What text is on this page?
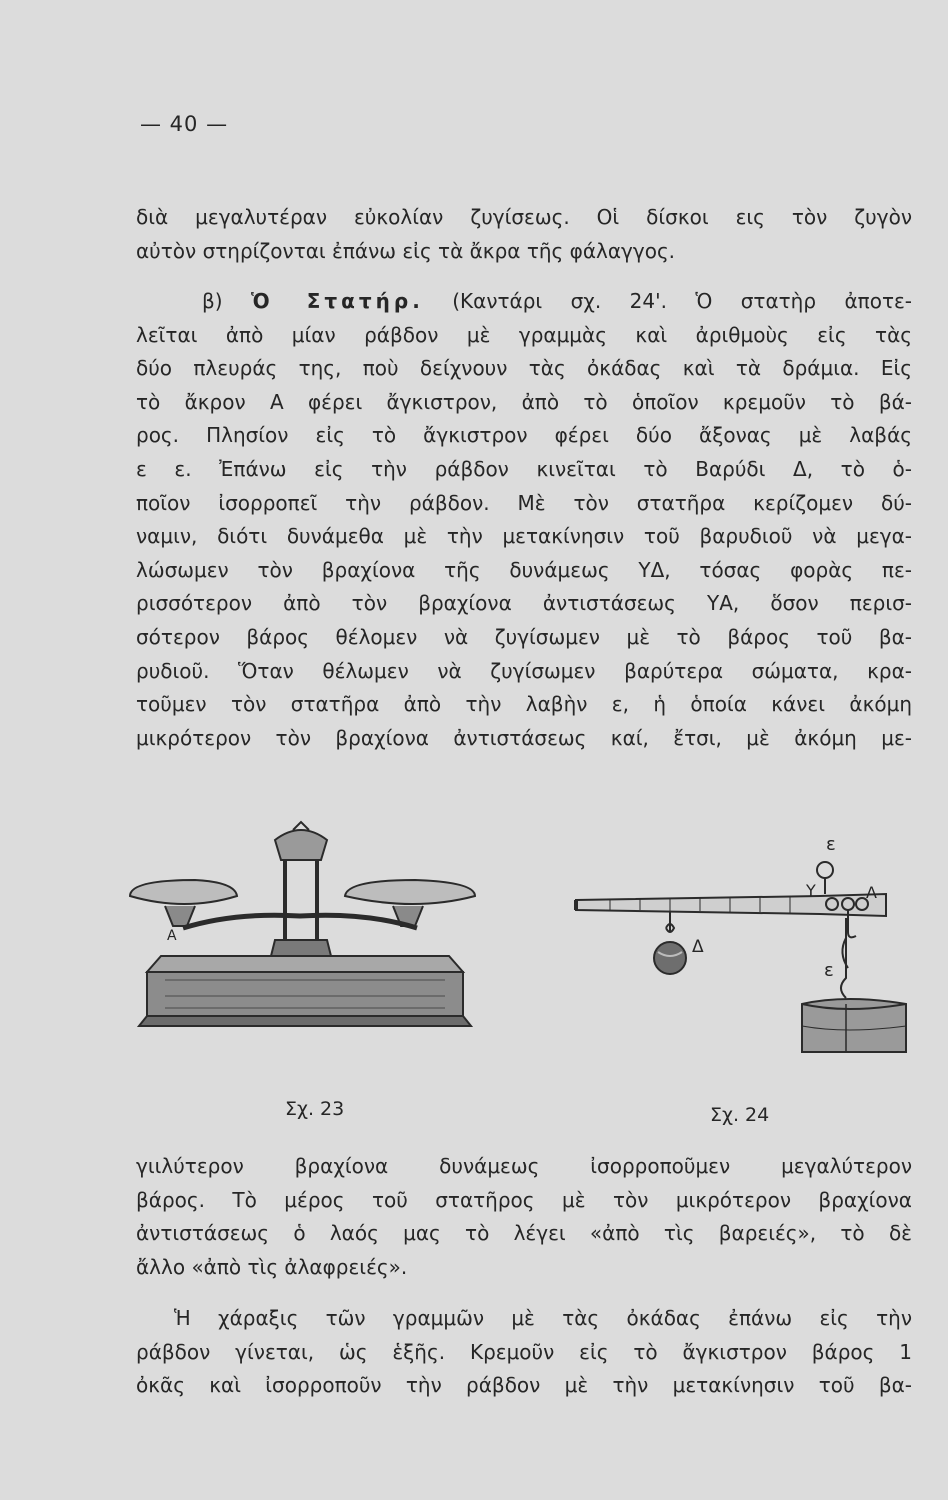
— 40 —
διὰ μεγαλυτέραν εὐκολίαν ζυγίσεως. Οἱ δίσκοι εις τὸν ζυγὸν
αὐτὸν στηρίζονται ἐπάνω εἰς τὰ ἄκρα τῆς φάλαγγος.
β) Ὁ Στατήρ. (Καντάρι σχ. 24'. Ὁ στατὴρ ἀποτε-
λεῖται ἀπὸ μίαν ράβδον μὲ γραμμὰς καὶ ἀριθμοὺς εἰς τὰς
δύο πλευράς της, ποὺ δείχνουν τὰς ὀκάδας καὶ τὰ δράμια. Εἰς
τὸ ἄκρον Α φέρει ἄγκιστρον, ἀπὸ τὸ ὁποῖον κρεμοῦν τὸ βά-
ρος. Πλησίον εἰς τὸ ἄγκιστρον φέρει δύο ἄξονας μὲ λαβάς
ε ε. Ἐπάνω εἰς τὴν ράβδον κινεῖται τὸ Βαρύδι Δ, τὸ ὁ-
ποῖον ἰσορροπεῖ τὴν ράβδον. Μὲ τὸν στατῆρα κερίζομεν δύ-
ναμιν, διότι δυνάμεθα μὲ τὴν μετακίνησιν τοῦ βαρυδιοῦ νὰ μεγα-
λώσωμεν τὸν βραχίονα τῆς δυνάμεως ΥΔ, τόσας φορὰς πε-
ρισσότερον ἀπὸ τὸν βραχίονα ἀντιστάσεως ΥΑ, ὅσον περισ-
σότερον βάρος θέλομεν νὰ ζυγίσωμεν μὲ τὸ βάρος τοῦ βα-
ρυδιοῦ. Ὅταν θέλωμεν νὰ ζυγίσωμεν βαρύτερα σώματα, κρα-
τοῦμεν τὸν στατῆρα ἀπὸ τὴν λαβὴν ε, ἡ ὁποία κάνει ἀκόμη
μικρότερον τὸν βραχίονα ἀντιστάσεως καί, ἔτσι, μὲ ἀκόμη με-
Α
Σχ. 23
ε
Υ	Α
Δ
ε
Σχ. 24
γιιλύτερον βραχίονα δυνάμεως ἰσορροποῦμεν μεγαλύτερον
βάρος. Τὸ μέρος τοῦ στατῆρος μὲ τὸν μικρότερον βραχίονα
ἀντιστάσεως ὁ λαός μας τὸ λέγει «ἀπὸ τὶς βαρειές», τὸ δὲ
ἄλλο «ἀπὸ τὶς ἀλαφρειές».
Ἡ χάραξις τῶν γραμμῶν μὲ τὰς ὀκάδας ἐπάνω εἰς τὴν
ράβδον γίνεται, ὡς ἑξῆς. Κρεμοῦν εἰς τὸ ἄγκιστρον βάρος 1
ὀκᾶς καὶ ἰσορροποῦν τὴν ράβδον μὲ τὴν μετακίνησιν τοῦ βα-
